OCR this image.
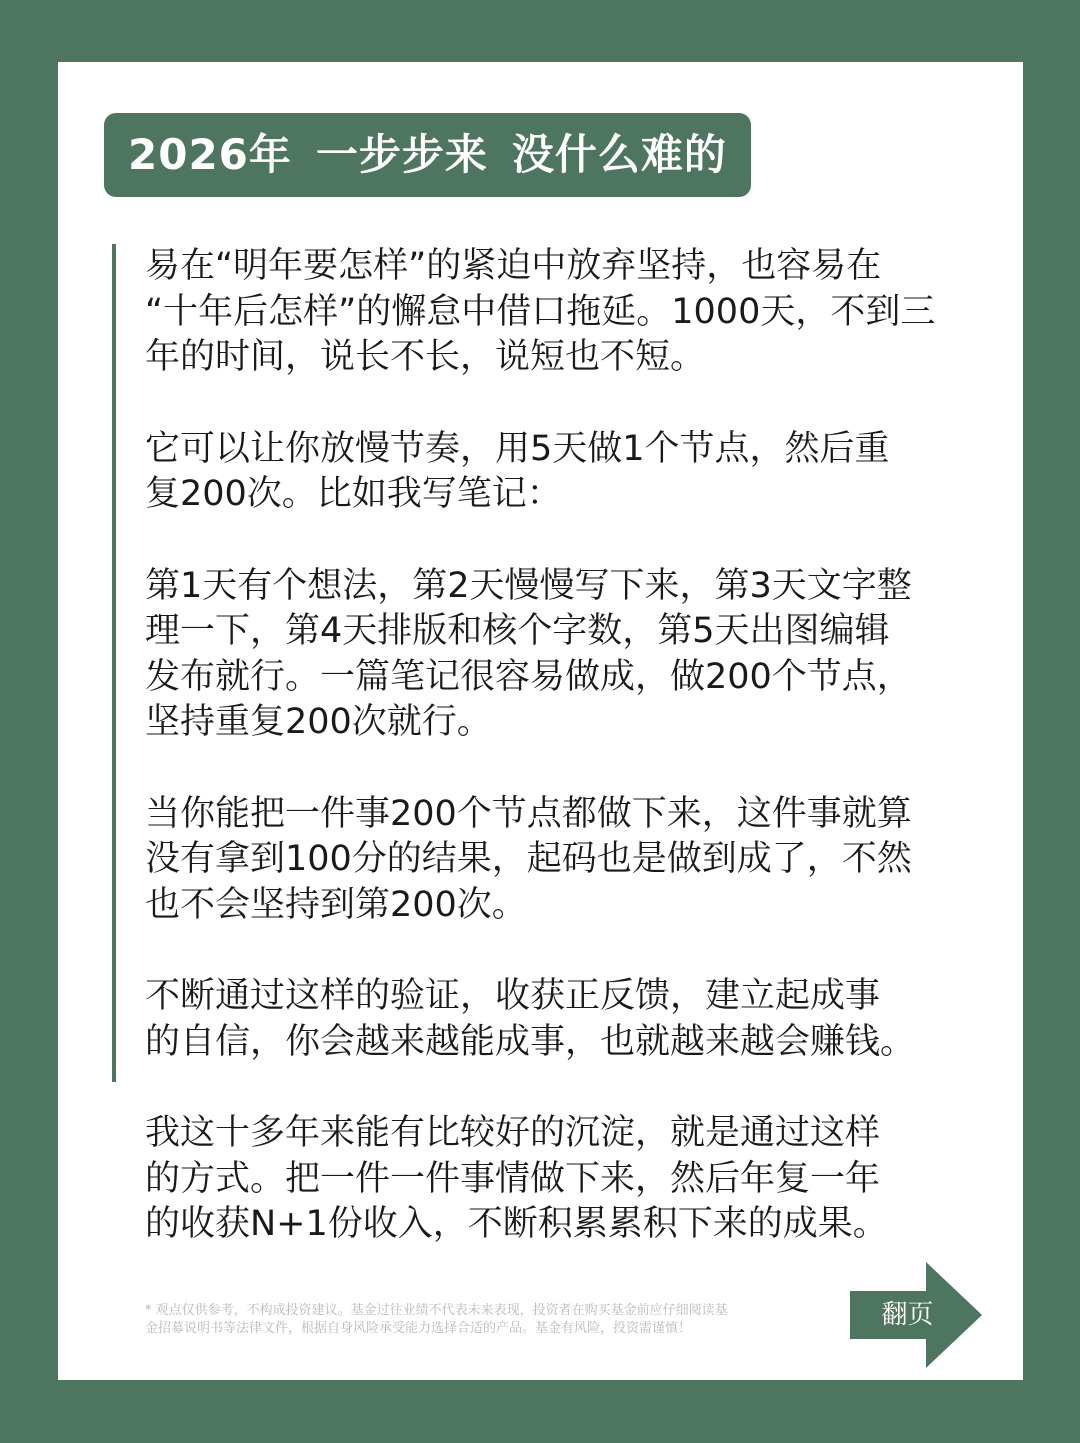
2026年 一步步来 没什么难的
易在“明年要怎样”的紧迫中放弃坚持，也容易在
“十年后怎样”的懈怠中借口拖延。1000天，不到三
年的时间，说长不长，说短也不短。
它可以让你放慢节奏，用5天做1个节点，然后重
复200次。比如我写笔记：
第1天有个想法，第2天慢慢写下来，第3天文字整
理一下，第4天排版和核个字数，第5天出图编辑
发布就行。一篇笔记很容易做成，做200个节点，
坚持重复200次就行。
当你能把一件事200个节点都做下来，这件事就算
没有拿到100分的结果，起码也是做到成了，不然
也不会坚持到第200次。
不断通过这样的验证，收获正反馈，建立起成事
的自信，你会越来越能成事，也就越来越会赚钱。
我这十多年来能有比较好的沉淀，就是通过这样
的方式。把一件一件事情做下来，然后年复一年
的收获N+1份收入，不断积累累积下来的成果。
* 观点仅供参考，不构成投资建议。基金过往业绩不代表未来表现，投资者在购买基金前应仔细阅读基
金招募说明书等法律文件，根据自身风险承受能力选择合适的产品。基金有风险，投资需谨慎！	翻页
